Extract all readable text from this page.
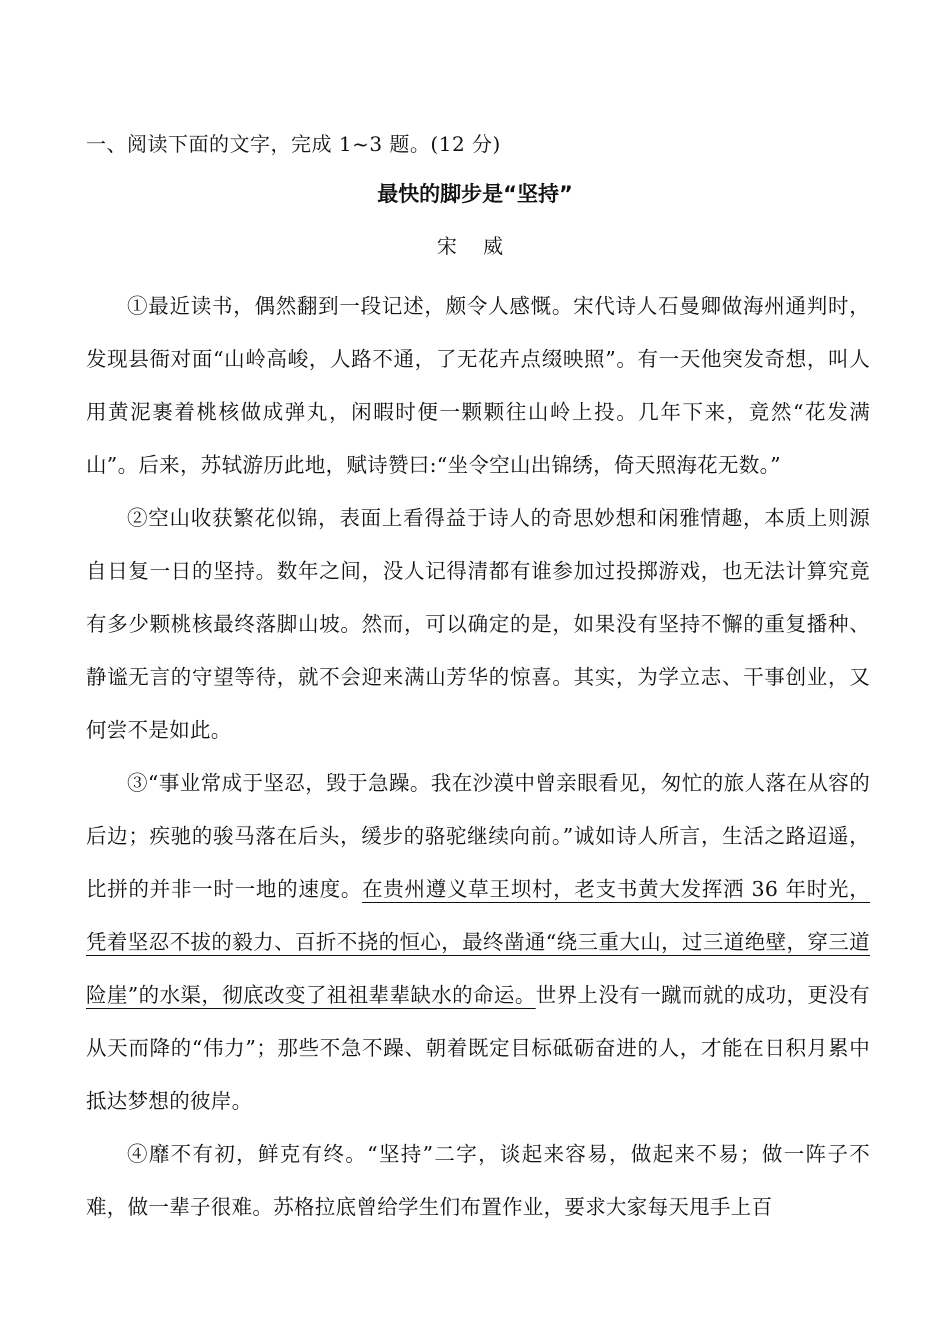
一、阅读下面的文字，完成 1~3 题。(12 分)
最快的脚步是“坚持”
宋 威

①最近读书，偶然翻到一段记述，颇令人感慨。宋代诗人石曼卿做海州通判时，发现县衙对面“山岭高峻，人路不通，了无花卉点缀映照”。有一天他突发奇想，叫人用黄泥裹着桃核做成弹丸，闲暇时便一颗颗往山岭上投。几年下来，竟然“花发满山”。后来，苏轼游历此地，赋诗赞曰:“坐令空山出锦绣，倚天照海花无数。”

②空山收获繁花似锦，表面上看得益于诗人的奇思妙想和闲雅情趣，本质上则源自日复一日的坚持。数年之间，没人记得清都有谁参加过投掷游戏，也无法计算究竟有多少颗桃核最终落脚山坡。然而，可以确定的是，如果没有坚持不懈的重复播种、静谧无言的守望等待，就不会迎来满山芳华的惊喜。其实，为学立志、干事创业，又何尝不是如此。

③“事业常成于坚忍，毁于急躁。我在沙漠中曾亲眼看见，匆忙的旅人落在从容的后边；疾驰的骏马落在后头，缓步的骆驼继续向前。”诚如诗人所言，生活之路迢遥，比拼的并非一时一地的速度。在贵州遵义草王坝村，老支书黄大发挥洒 36 年时光，凭着坚忍不拔的毅力、百折不挠的恒心，最终凿通“绕三重大山，过三道绝壁，穿三道险崖”的水渠，彻底改变了祖祖辈辈缺水的命运。世界上没有一蹴而就的成功，更没有从天而降的“伟力”；那些不急不躁、朝着既定目标砥砺奋进的人，才能在日积月累中抵达梦想的彼岸。

④靡不有初，鲜克有终。“坚持”二字，谈起来容易，做起来不易；做一阵子不难，做一辈子很难。苏格拉底曾给学生们布置作业，要求大家每天甩手上百
